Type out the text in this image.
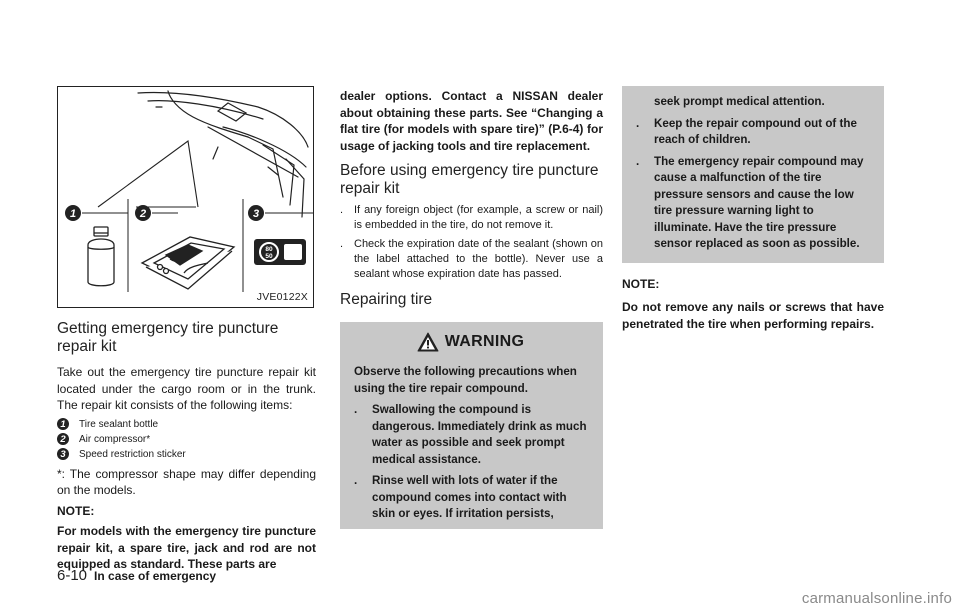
1	2	3
80
50
JVE0122X
Getting emergency tire puncture repair kit

Take out the emergency tire puncture repair kit located under the cargo room or in the trunk. The repair kit consists of the following items:

1 Tire sealant bottle
2 Air compressor*
3 Speed restriction sticker

*: The compressor shape may differ depending on the models.

NOTE:

For models with the emergency tire puncture repair kit, a spare tire, jack and rod are not equipped as standard. These parts are

dealer options. Contact a NISSAN dealer about obtaining these parts. See “Changing a flat tire (for models with spare tire)” (P.6-4) for usage of jacking tools and tire replacement.

Before using emergency tire puncture repair kit
. If any foreign object (for example, a screw or nail) is embedded in the tire, do not remove it.
. Check the expiration date of the sealant (shown on the label attached to the bottle). Never use a sealant whose expiration date has passed.
Repairing tire
WARNING

Observe the following precautions when using the tire repair compound.

.	Swallowing the compound is dangerous. Immediately drink as much water as possible and seek prompt medical assistance.
.	Rinse well with lots of water if the compound comes into contact with skin or eyes. If irritation persists,

seek prompt medical attention.

.	Keep the repair compound out of the reach of children.
.	The emergency repair compound may cause a malfunction of the tire pressure sensors and cause the low tire pressure warning light to illuminate. Have the tire pressure sensor replaced as soon as possible.

NOTE:

Do not remove any nails or screws that have penetrated the tire when performing repairs.

6-10 In case of emergency
carmanualsonline.info
